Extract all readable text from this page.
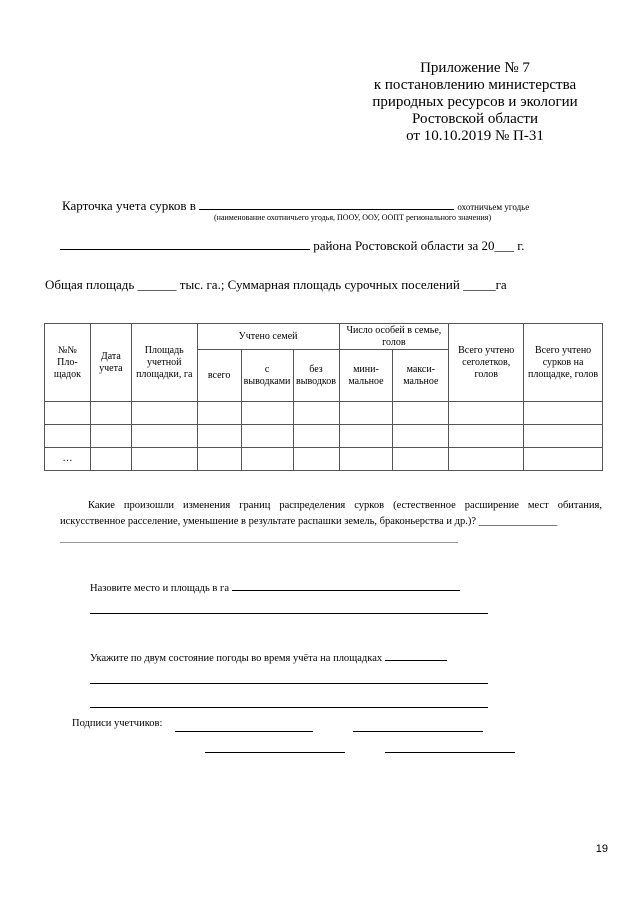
Приложение № 7
к постановлению министерства
природных ресурсов и экологии
Ростовской области
от 10.10.2019 № П-31
Карточка учета сурков в	охотничьем угодье
(наименование охотничьего угодья, ПООУ, ООУ, ООПТ регионального значения)
района Ростовской области за 20___ г.
Общая площадь ______ тыс. га.; Суммарная площадь сурочных поселений _____га
№№ Пло-щадок	Дата учета	Площадь учетной площадки, га	Учтено семей			Число особей в семье, голов		Всего учтено сеголетков, голов	Всего учтено сурков на площадке, голов
			всего	с выводками	без выводков	мини-мальное	макси-мальное		

…									
Какие произошли изменения границ распределения сурков (естественное расширение мест обитания, искусственное расселение, уменьшение в результате распашки земель, браконьерства и др.)? _______________
Назовите место и площадь в га
Укажите по двум состояние погоды во время учёта на площадках
Подписи учетчиков:
19
